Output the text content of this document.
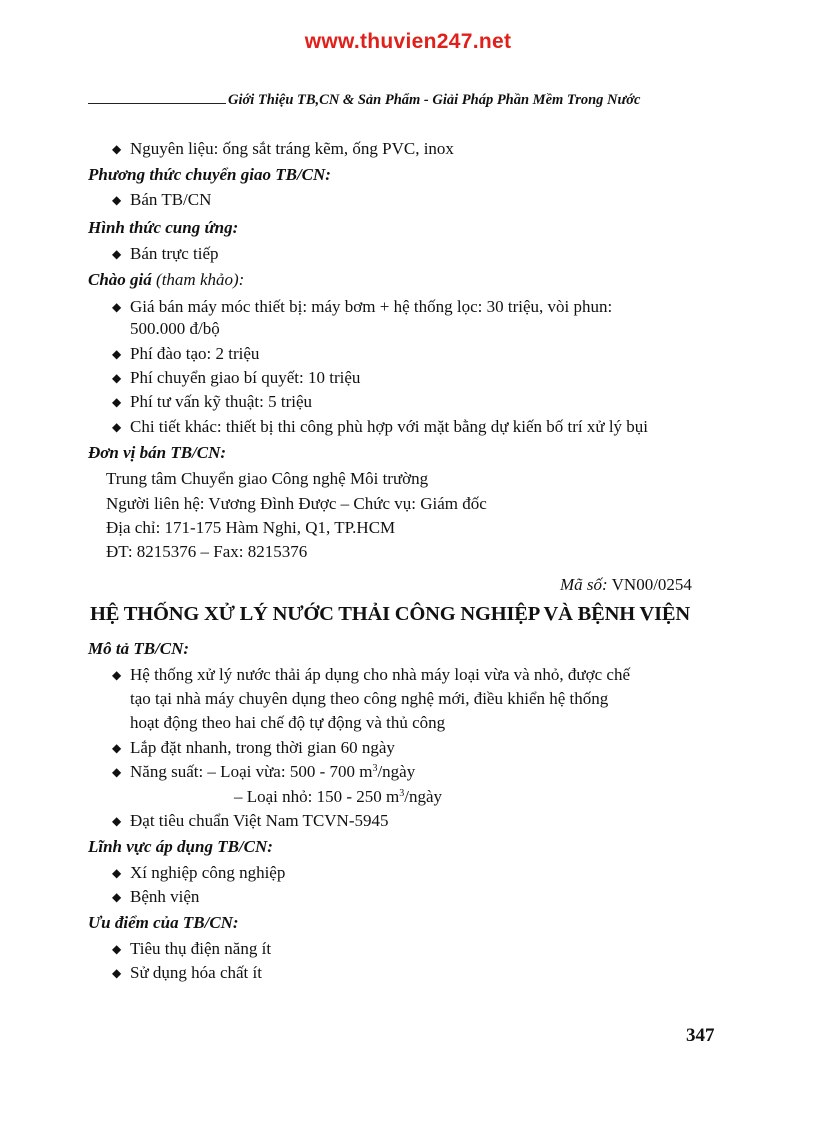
www.thuvien247.net
Giới Thiệu TB,CN & Sản Phẩm - Giải Pháp Phần Mềm Trong Nước
◆ Nguyên liệu: ống sắt tráng kẽm, ống PVC, inox
Phương thức chuyển giao TB/CN:
◆ Bán TB/CN
Hình thức cung ứng:
◆ Bán trực tiếp
Chào giá (tham khảo):
◆ Giá bán máy móc thiết bị: máy bơm + hệ thống lọc: 30 triệu, vòi phun:
500.000 đ/bộ
◆ Phí đào tạo: 2 triệu
◆ Phí chuyển giao bí quyết: 10 triệu
◆ Phí tư vấn kỹ thuật: 5 triệu
◆ Chi tiết khác: thiết bị thi công phù hợp với mặt bằng dự kiến bố trí xử lý bụi
Đơn vị bán TB/CN:
Trung tâm Chuyển giao Công nghệ Môi trường
Người liên hệ: Vương Đình Được – Chức vụ: Giám đốc
Địa chỉ: 171-175 Hàm Nghi, Q1, TP.HCM
ĐT: 8215376 – Fax: 8215376
Mã số: VN00/0254
HỆ THỐNG XỬ LÝ NƯỚC THẢI CÔNG NGHIỆP VÀ BỆNH VIỆN
Mô tả TB/CN:
◆ Hệ thống xử lý nước thải áp dụng cho nhà máy loại vừa và nhỏ, được chế
tạo tại nhà máy chuyên dụng theo công nghệ mới, điều khiển hệ thống
hoạt động theo hai chế độ tự động và thủ công
◆ Lắp đặt nhanh, trong thời gian 60 ngày
◆ Năng suất: – Loại vừa: 500 - 700 $m^3$/ngày
– Loại nhỏ: 150 - 250 $m^3$/ngày
◆ Đạt tiêu chuẩn Việt Nam TCVN-5945
Lĩnh vực áp dụng TB/CN:
◆ Xí nghiệp công nghiệp
◆ Bệnh viện
Ưu điểm của TB/CN:
◆ Tiêu thụ điện năng ít
◆ Sử dụng hóa chất ít
347
